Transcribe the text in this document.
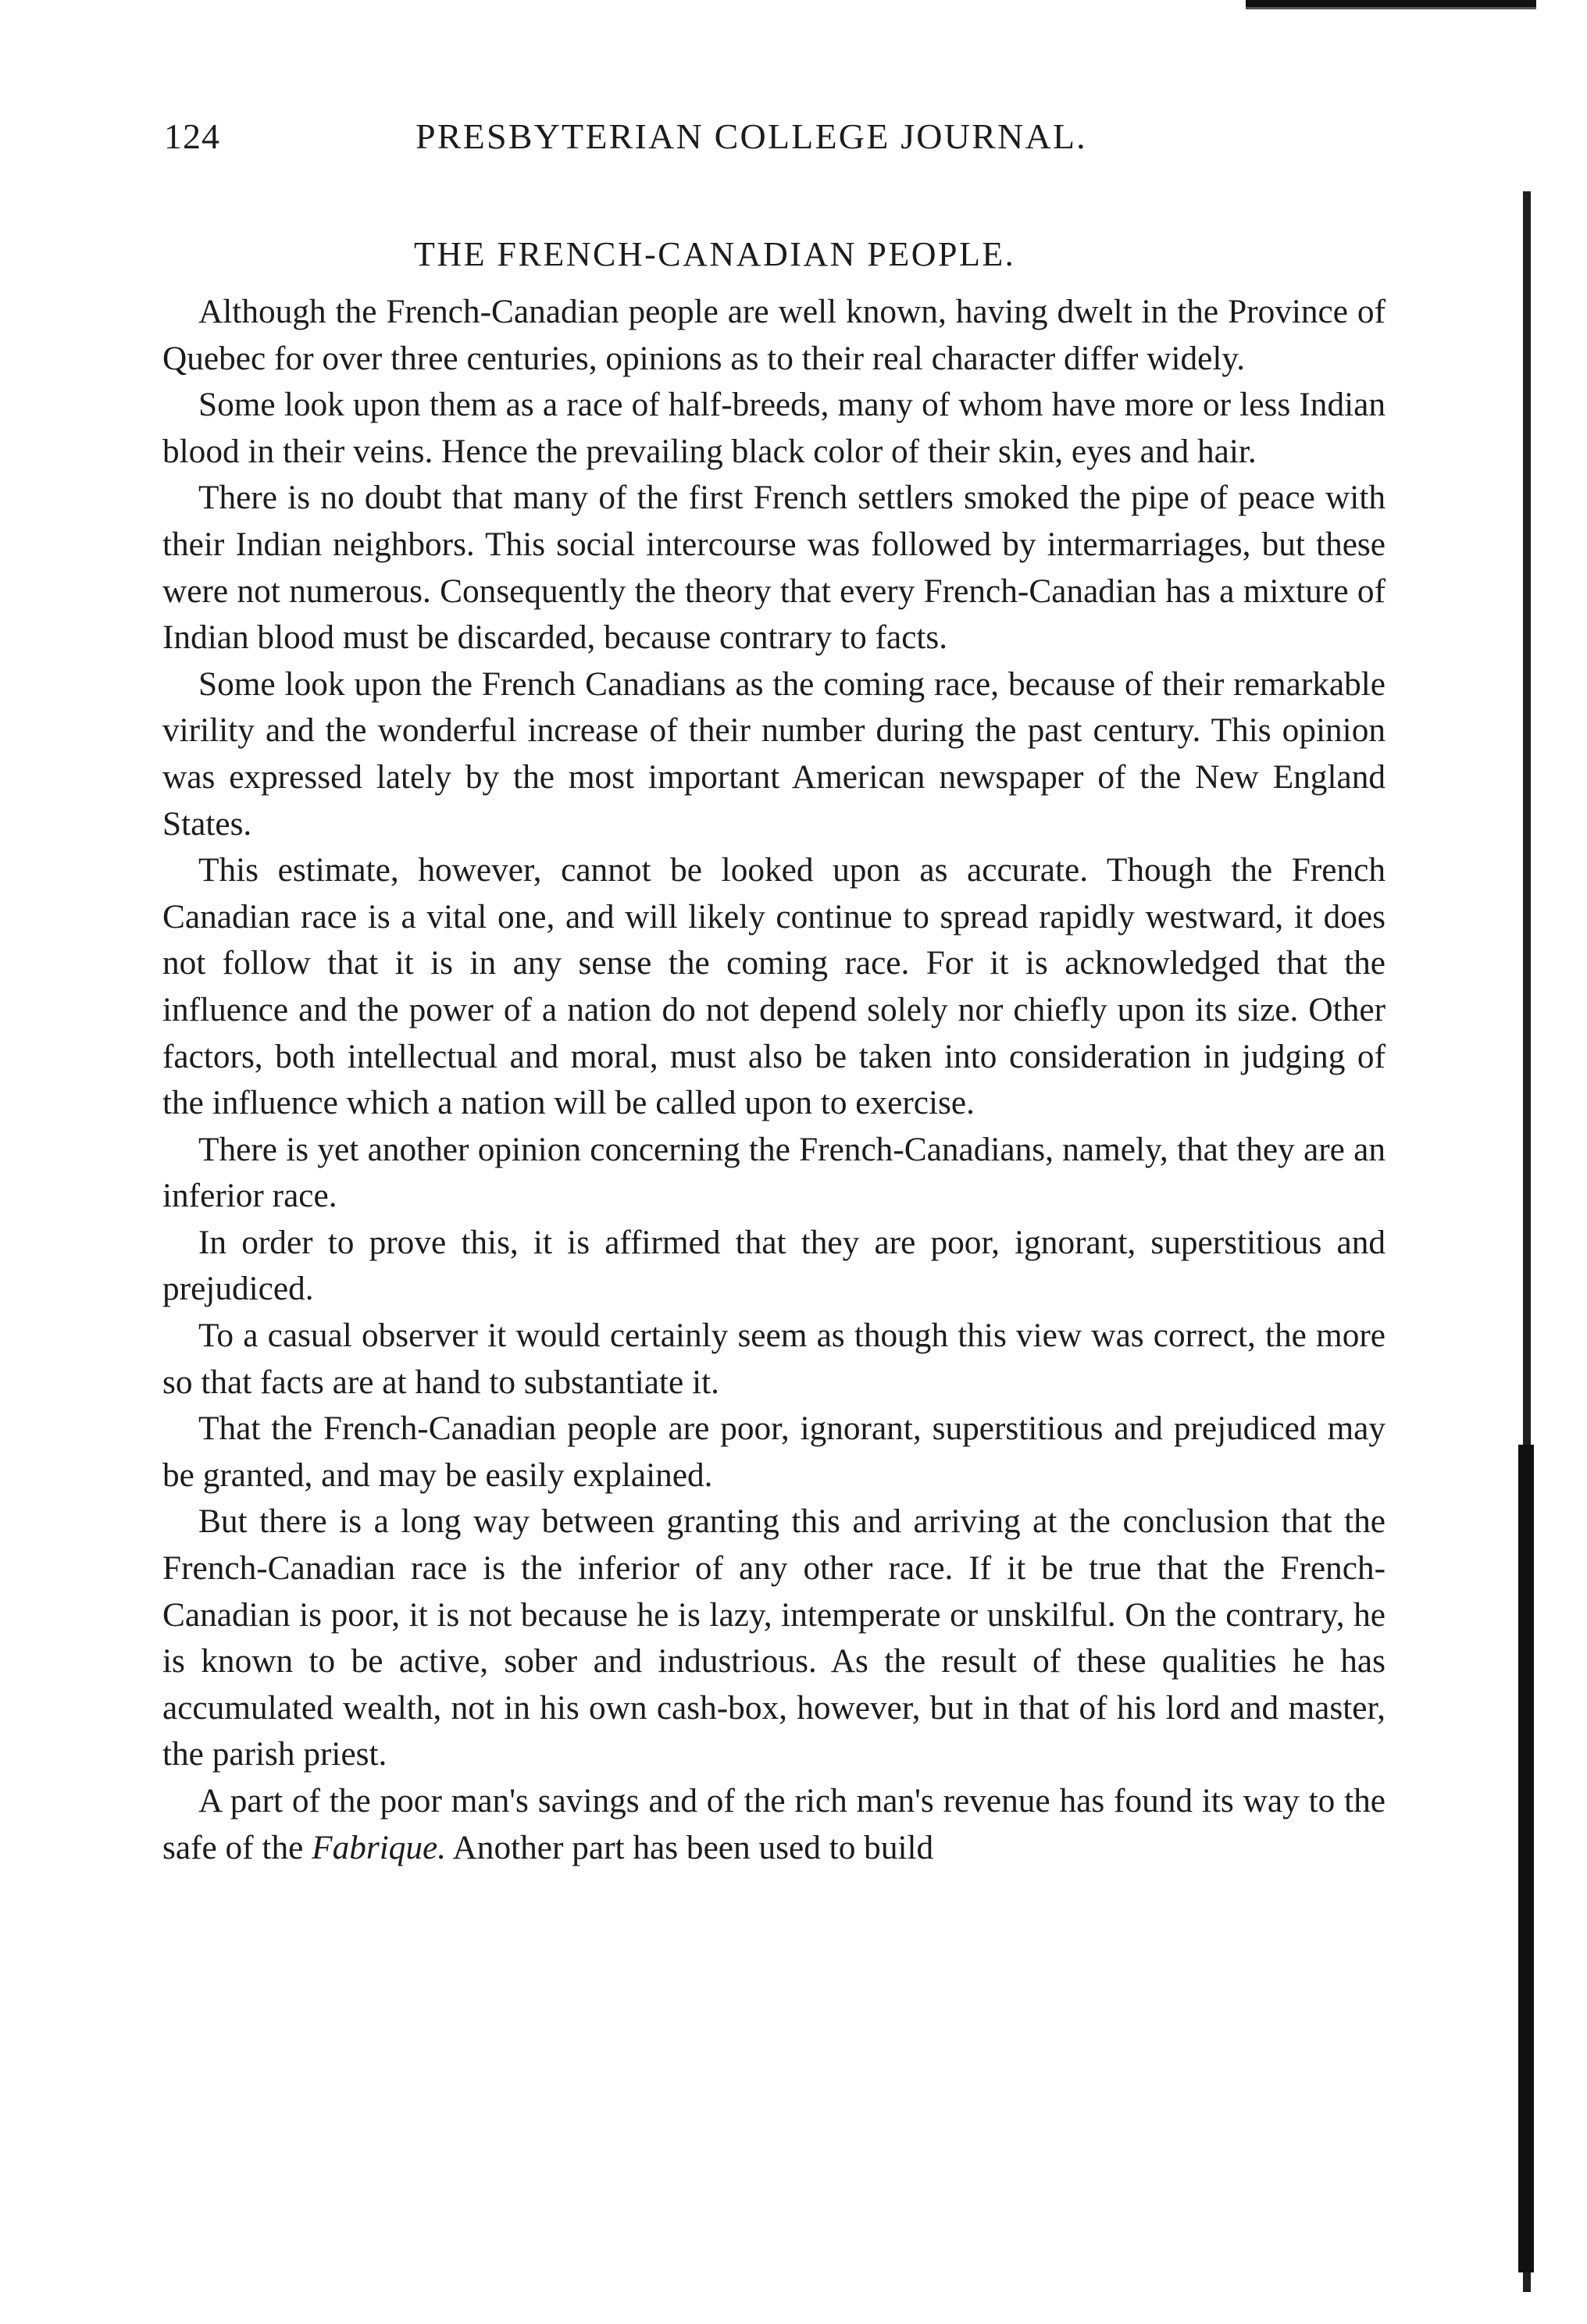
124	PRESBYTERIAN COLLEGE JOURNAL.
THE FRENCH-CANADIAN PEOPLE.

Although the French-Canadian people are well known, having dwelt in the Province of Quebec for over three centuries, opinions as to their real character differ widely.

Some look upon them as a race of half-breeds, many of whom have more or less Indian blood in their veins. Hence the prevailing black color of their skin, eyes and hair.

There is no doubt that many of the first French settlers smoked the pipe of peace with their Indian neighbors. This social intercourse was followed by intermarriages, but these were not numerous. Consequently the theory that every French-Canadian has a mixture of Indian blood must be discarded, because contrary to facts.

Some look upon the French Canadians as the coming race, because of their remarkable virility and the wonderful increase of their number during the past century. This opinion was expressed lately by the most important American newspaper of the New England States.

This estimate, however, cannot be looked upon as accurate. Though the French Canadian race is a vital one, and will likely continue to spread rapidly westward, it does not follow that it is in any sense the coming race. For it is acknowledged that the influence and the power of a nation do not depend solely nor chiefly upon its size. Other factors, both intellectual and moral, must also be taken into consideration in judging of the influence which a nation will be called upon to exercise.

There is yet another opinion concerning the French-Canadians, namely, that they are an inferior race.

In order to prove this, it is affirmed that they are poor, ignorant, superstitious and prejudiced.

To a casual observer it would certainly seem as though this view was correct, the more so that facts are at hand to substantiate it.

That the French-Canadian people are poor, ignorant, superstitious and prejudiced may be granted, and may be easily explained.

But there is a long way between granting this and arriving at the conclusion that the French-Canadian race is the inferior of any other race. If it be true that the French-Canadian is poor, it is not because he is lazy, intemperate or unskilful. On the contrary, he is known to be active, sober and industrious. As the result of these qualities he has accumulated wealth, not in his own cash-box, however, but in that of his lord and master, the parish priest.

A part of the poor man's savings and of the rich man's revenue has found its way to the safe of the Fabrique. Another part has been used to build
